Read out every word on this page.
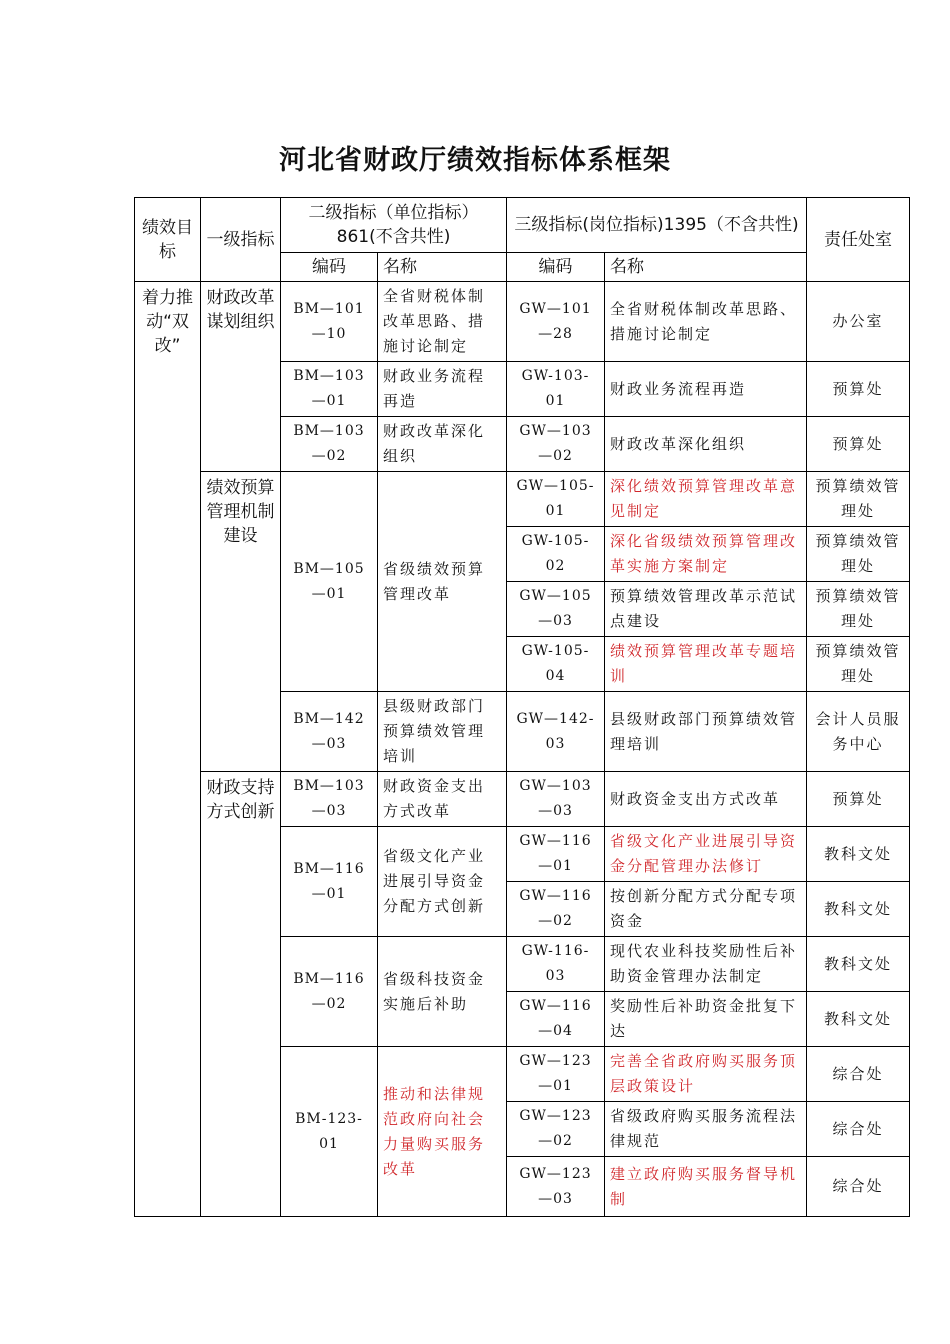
河北省财政厅绩效指标体系框架
绩效目标	一级指标	二级指标（单位指标）861(不含共性)		三级指标(岗位指标)1395（不含共性)		责任处室
		编码	名称	编码	名称	
着力推动“双改”	财政改革谋划组织	BM—101—10	全省财税体制改革思路、措施讨论制定	GW—101—28	全省财税体制改革思路、措施讨论制定	办公室
		BM—103—01	财政业务流程再造	GW-103-01	财政业务流程再造	预算处
		BM—103—02	财政改革深化组织	GW—103—02	财政改革深化组织	预算处
	绩效预算管理机制建设	BM—105—01	省级绩效预算管理改革	GW—105-01	深化绩效预算管理改革意见制定	预算绩效管理处
				GW-105-02	深化省级绩效预算管理改革实施方案制定	预算绩效管理处
				GW—105—03	预算绩效管理改革示范试点建设	预算绩效管理处
				GW-105-04	绩效预算管理改革专题培训	预算绩效管理处
		BM—142—03	县级财政部门预算绩效管理培训	GW—142-03	县级财政部门预算绩效管理培训	会计人员服务中心
	财政支持方式创新	BM—103—03	财政资金支出方式改革	GW—103—03	财政资金支出方式改革	预算处
		BM—116—01	省级文化产业进展引导资金分配方式创新	GW—116—01	省级文化产业进展引导资金分配管理办法修订	教科文处
				GW—116—02	按创新分配方式分配专项资金	教科文处
		BM—116—02	省级科技资金实施后补助	GW-116-03	现代农业科技奖励性后补助资金管理办法制定	教科文处
				GW—116—04	奖励性后补助资金批复下达	教科文处
		BM-123-01	推动和法律规范政府向社会力量购买服务改革	GW—123—01	完善全省政府购买服务顶层政策设计	综合处
				GW—123—02	省级政府购买服务流程法律规范	综合处
				GW—123—03	建立政府购买服务督导机制	综合处
